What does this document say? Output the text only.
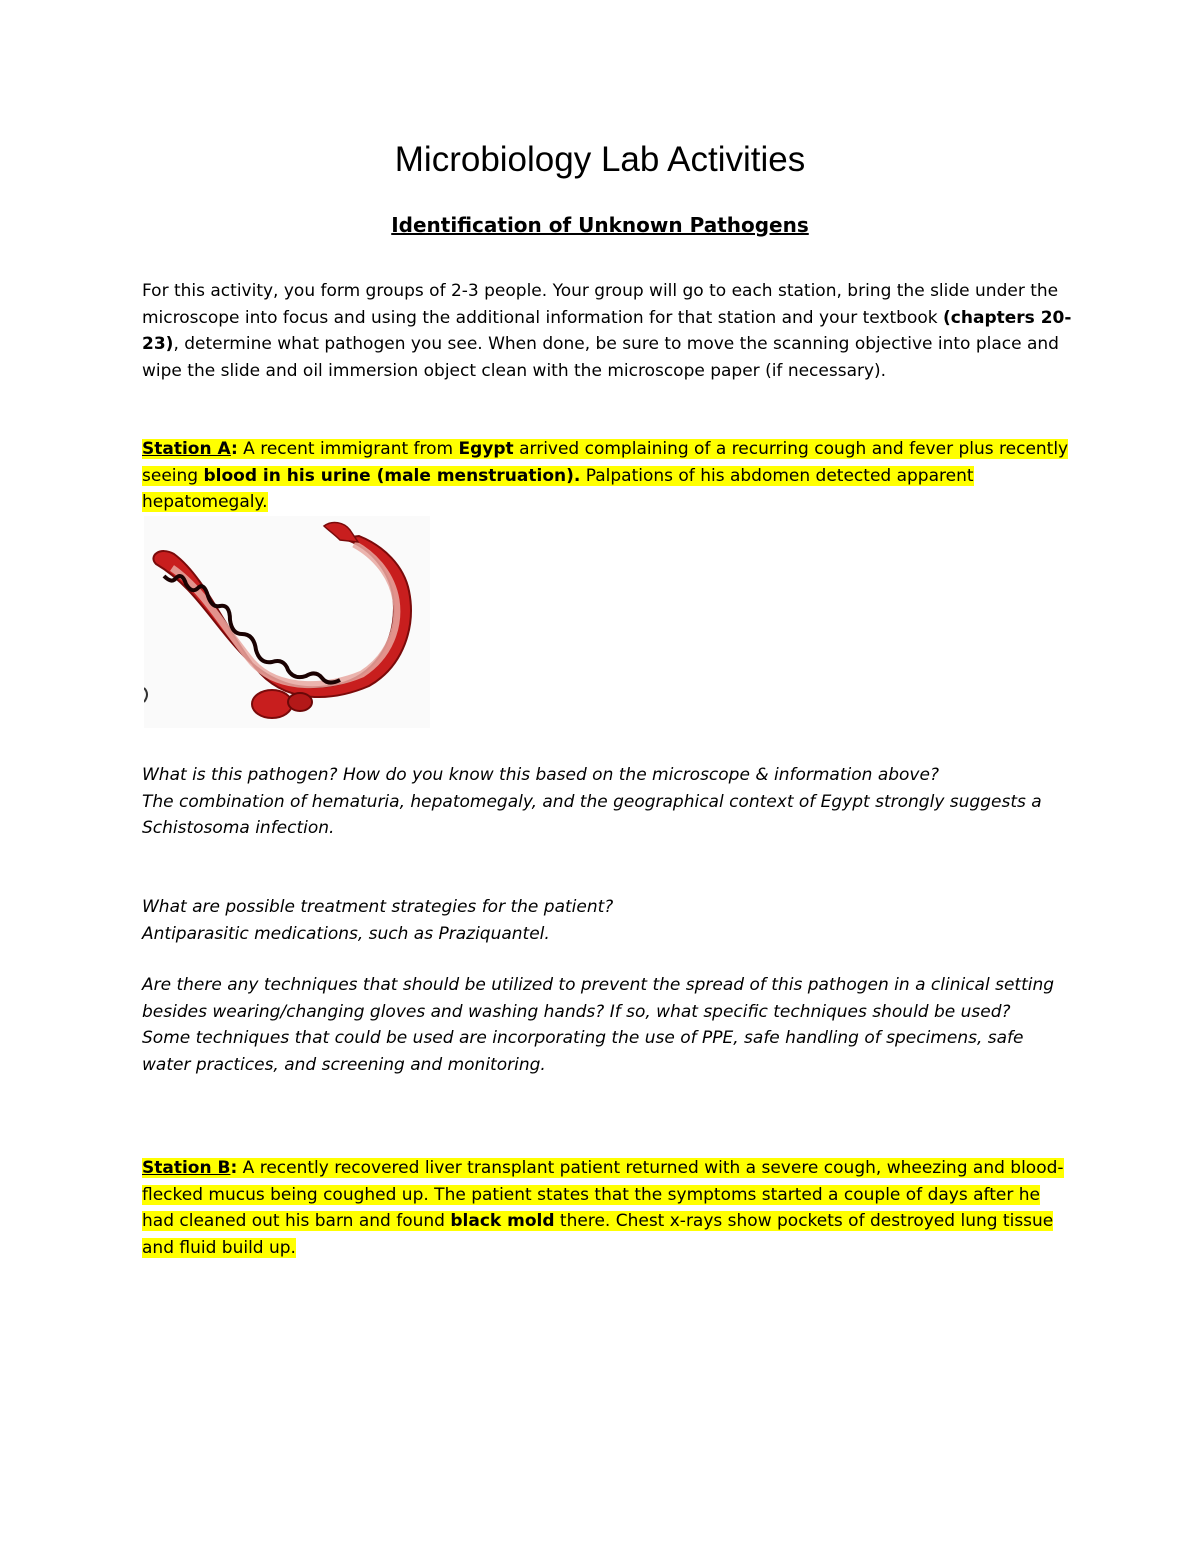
Microbiology Lab Activities
Identification of Unknown Pathogens

For this activity, you form groups of 2-3 people. Your group will go to each station, bring the slide under the microscope into focus and using the additional information for that station and your textbook (chapters 20-23), determine what pathogen you see. When done, be sure to move the scanning objective into place and wipe the slide and oil immersion object clean with the microscope paper (if necessary).

Station A: A recent immigrant from Egypt arrived complaining of a recurring cough and fever plus recently seeing blood in his urine (male menstruation). Palpations of his abdomen detected apparent hepatomegaly.

What is this pathogen? How do you know this based on the microscope & information above?

The combination of hematuria, hepatomegaly, and the geographical context of Egypt strongly suggests a Schistosoma infection.

What are possible treatment strategies for the patient?

Antiparasitic medications, such as Praziquantel.

Are there any techniques that should be utilized to prevent the spread of this pathogen in a clinical setting besides wearing/changing gloves and washing hands? If so, what specific techniques should be used?

Some techniques that could be used are incorporating the use of PPE, safe handling of specimens, safe water practices, and screening and monitoring.

Station B: A recently recovered liver transplant patient returned with a severe cough, wheezing and blood-flecked mucus being coughed up. The patient states that the symptoms started a couple of days after he had cleaned out his barn and found black mold there. Chest x-rays show pockets of destroyed lung tissue and fluid build up.
